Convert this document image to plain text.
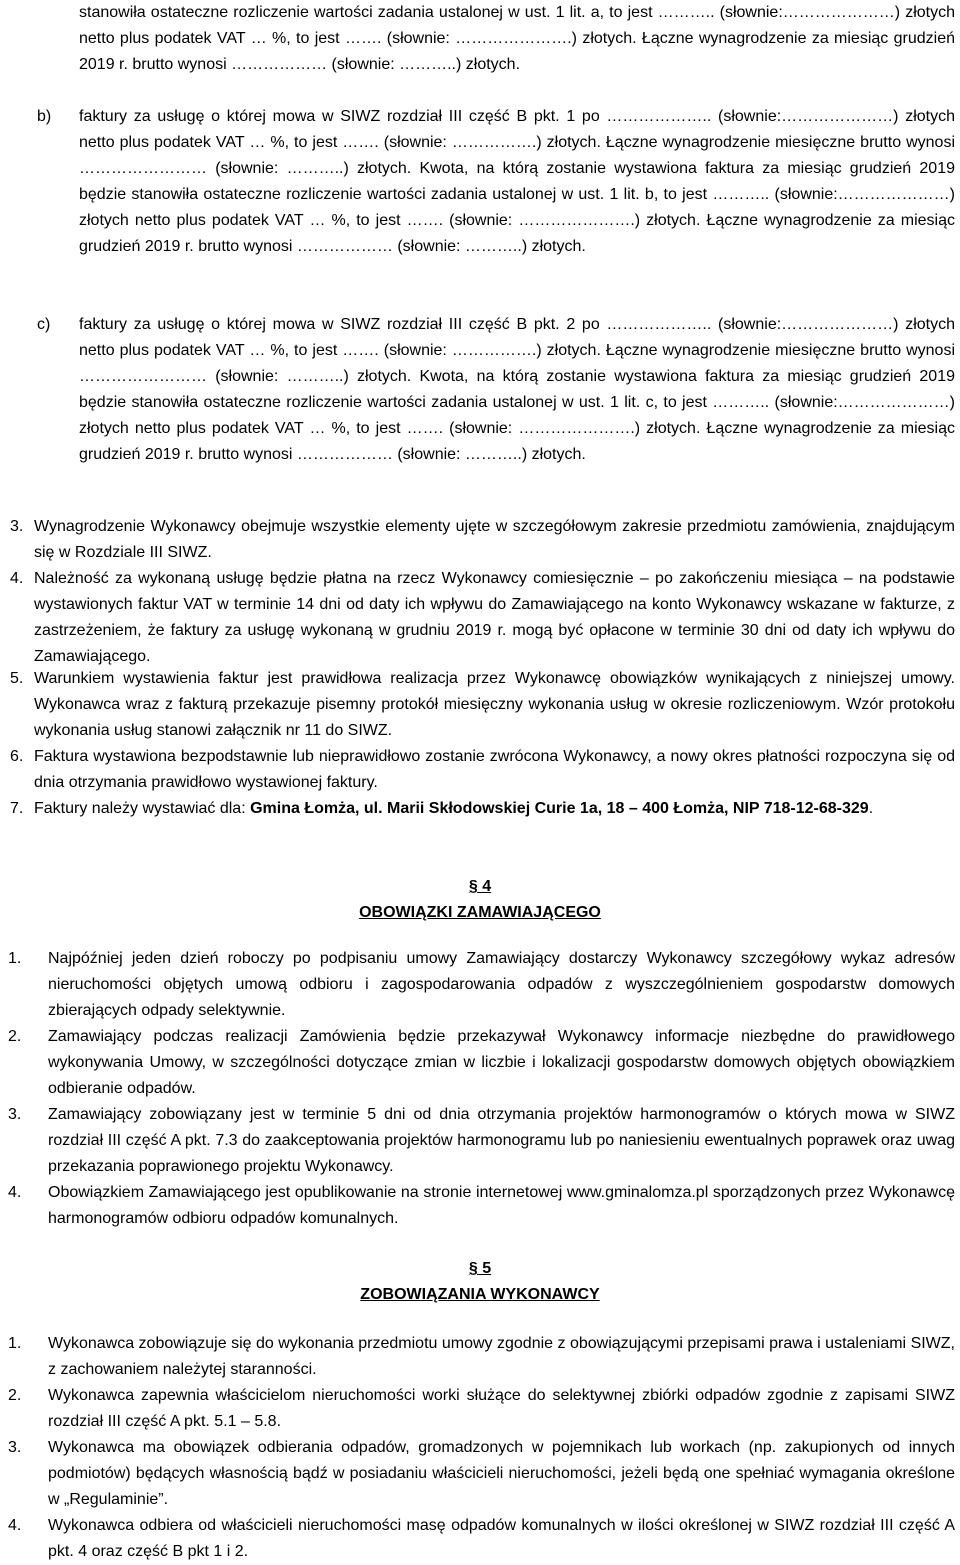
stanowiła ostateczne rozliczenie wartości zadania ustalonej w ust. 1 lit. a, to jest ……….. (słownie:…………………) złotych netto plus podatek VAT … %, to jest ……. (słownie: ………………….) złotych. Łączne wynagrodzenie za miesiąc grudzień 2019 r. brutto wynosi ……………… (słownie: ………..) złotych.
b) faktury za usługę o której mowa w SIWZ rozdział III część B pkt. 1 po ……………….. (słownie:…………………) złotych netto plus podatek VAT … %, to jest ……. (słownie: …………….) złotych. Łączne wynagrodzenie miesięczne brutto wynosi …………………… (słownie: ………..) złotych. Kwota, na którą zostanie wystawiona faktura za miesiąc grudzień 2019 będzie stanowiła ostateczne rozliczenie wartości zadania ustalonej w ust. 1 lit. b, to jest ……….. (słownie:…………………) złotych netto plus podatek VAT … %, to jest ……. (słownie: ………………….) złotych. Łączne wynagrodzenie za miesiąc grudzień 2019 r. brutto wynosi ……………… (słownie: ………..) złotych.
c) faktury za usługę o której mowa w SIWZ rozdział III część B pkt. 2 po ……………….. (słownie:…………………) złotych netto plus podatek VAT … %, to jest ……. (słownie: …………….) złotych. Łączne wynagrodzenie miesięczne brutto wynosi …………………… (słownie: ………..) złotych. Kwota, na którą zostanie wystawiona faktura za miesiąc grudzień 2019 będzie stanowiła ostateczne rozliczenie wartości zadania ustalonej w ust. 1 lit. c, to jest ……….. (słownie:…………………) złotych netto plus podatek VAT … %, to jest ……. (słownie: ………………….) złotych. Łączne wynagrodzenie za miesiąc grudzień 2019 r. brutto wynosi ……………… (słownie: ………..) złotych.
3. Wynagrodzenie Wykonawcy obejmuje wszystkie elementy ujęte w szczegółowym zakresie przedmiotu zamówienia, znajdującym się w Rozdziale III SIWZ.
4. Należność za wykonaną usługę będzie płatna na rzecz Wykonawcy comiesięcznie – po zakończeniu miesiąca – na podstawie wystawionych faktur VAT w terminie 14 dni od daty ich wpływu do Zamawiającego na konto Wykonawcy wskazane w fakturze, z zastrzeżeniem, że faktury za usługę wykonaną w grudniu 2019 r. mogą być opłacone w terminie 30 dni od daty ich wpływu do Zamawiającego.
5. Warunkiem wystawienia faktur jest prawidłowa realizacja przez Wykonawcę obowiązków wynikających z niniejszej umowy. Wykonawca wraz z fakturą przekazuje pisemny protokół miesięczny wykonania usług w okresie rozliczeniowym. Wzór protokołu wykonania usług stanowi załącznik nr 11 do SIWZ.
6. Faktura wystawiona bezpodstawnie lub nieprawidłowo zostanie zwrócona Wykonawcy, a nowy okres płatności rozpoczyna się od dnia otrzymania prawidłowo wystawionej faktury.
7. Faktury należy wystawiać dla: Gmina Łomża, ul. Marii Skłodowskiej Curie 1a, 18 – 400 Łomża, NIP 718-12-68-329.
§ 4
OBOWIĄZKI ZAMAWIAJĄCEGO
1. Najpóźniej jeden dzień roboczy po podpisaniu umowy Zamawiający dostarczy Wykonawcy szczegółowy wykaz adresów nieruchomości objętych umową odbioru i zagospodarowania odpadów z wyszczególnieniem gospodarstw domowych zbierających odpady selektywnie.
2. Zamawiający podczas realizacji Zamówienia będzie przekazywał Wykonawcy informacje niezbędne do prawidłowego wykonywania Umowy, w szczególności dotyczące zmian w liczbie i lokalizacji gospodarstw domowych objętych obowiązkiem odbieranie odpadów.
3. Zamawiający zobowiązany jest w terminie 5 dni od dnia otrzymania projektów harmonogramów o których mowa w SIWZ rozdział III część A pkt. 7.3 do zaakceptowania projektów harmonogramu lub po naniesieniu ewentualnych poprawek oraz uwag przekazania poprawionego projektu Wykonawcy.
4. Obowiązkiem Zamawiającego jest opublikowanie na stronie internetowej www.gminalomza.pl sporządzonych przez Wykonawcę harmonogramów odbioru odpadów komunalnych.
§ 5
ZOBOWIĄZANIA WYKONAWCY
1. Wykonawca zobowiązuje się do wykonania przedmiotu umowy zgodnie z obowiązującymi przepisami prawa i ustaleniami SIWZ, z zachowaniem należytej staranności.
2. Wykonawca zapewnia właścicielom nieruchomości worki służące do selektywnej zbiórki odpadów zgodnie z zapisami SIWZ rozdział III część A pkt. 5.1 – 5.8.
3. Wykonawca ma obowiązek odbierania odpadów, gromadzonych w pojemnikach lub workach (np. zakupionych od innych podmiotów) będących własnością bądź w posiadaniu właścicieli nieruchomości, jeżeli będą one spełniać wymagania określone w „Regulaminie”.
4. Wykonawca odbiera od właścicieli nieruchomości masę odpadów komunalnych w ilości określonej w SIWZ rozdział III część A pkt. 4 oraz część B pkt 1 i 2.
